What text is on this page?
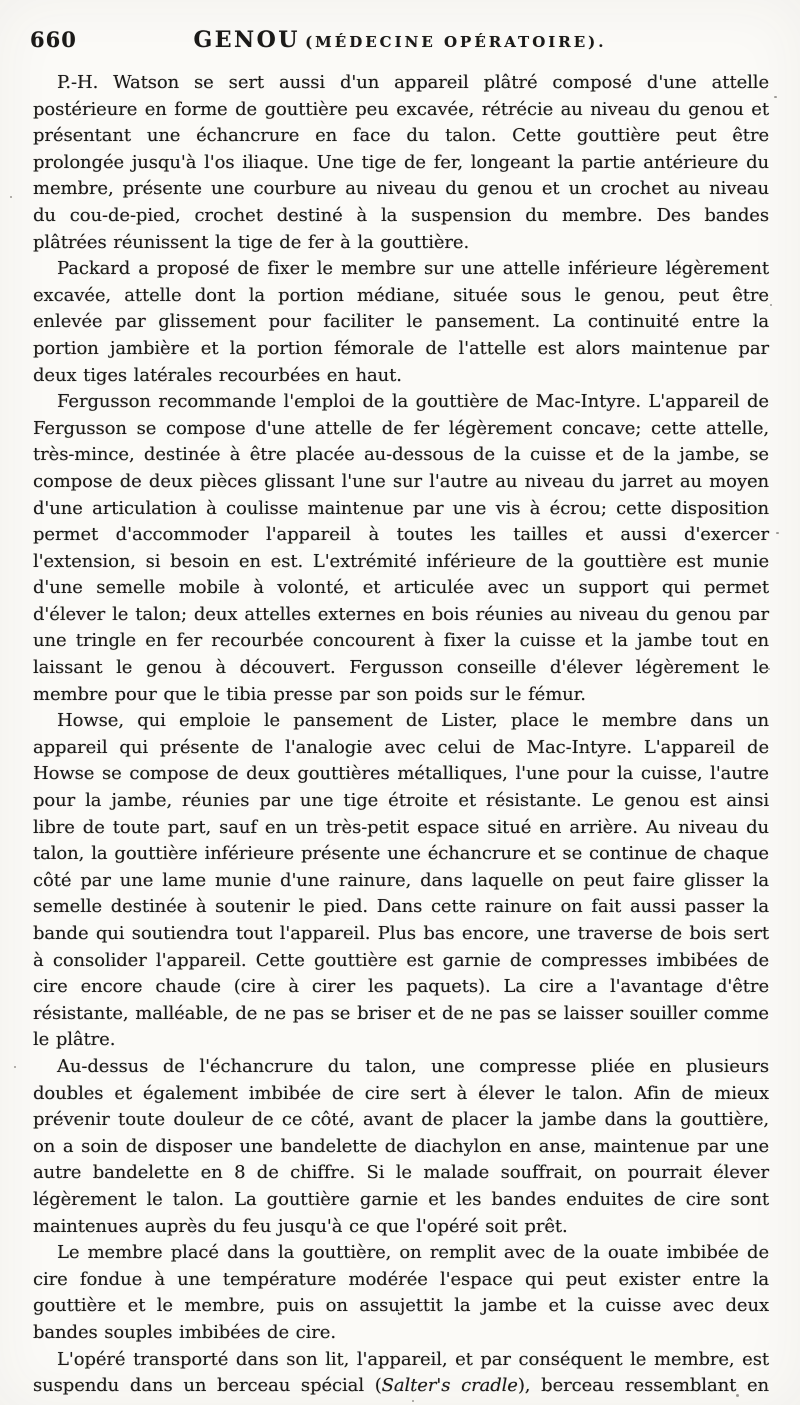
660	GENOU (MÉDECINE OPÉRATOIRE).

P.-H. Watson se sert aussi d'un appareil plâtré composé d'une attelle postérieure en forme de gouttière peu excavée, rétrécie au niveau du genou et présentant une échancrure en face du talon. Cette gouttière peut être prolongée jusqu'à l'os iliaque. Une tige de fer, longeant la partie antérieure du membre, présente une courbure au niveau du genou et un crochet au niveau du cou-de-pied, crochet destiné à la suspension du membre. Des bandes plâtrées réunissent la tige de fer à la gouttière.

Packard a proposé de fixer le membre sur une attelle inférieure légèrement excavée, attelle dont la portion médiane, située sous le genou, peut être enlevée par glissement pour faciliter le pansement. La continuité entre la portion jambière et la portion fémorale de l'attelle est alors maintenue par deux tiges latérales recourbées en haut.

Fergusson recommande l'emploi de la gouttière de Mac-Intyre. L'appareil de Fergusson se compose d'une attelle de fer légèrement concave; cette attelle, très-mince, destinée à être placée au-dessous de la cuisse et de la jambe, se compose de deux pièces glissant l'une sur l'autre au niveau du jarret au moyen d'une articulation à coulisse maintenue par une vis à écrou; cette disposition permet d'accommoder l'appareil à toutes les tailles et aussi d'exercer l'extension, si besoin en est. L'extrémité inférieure de la gouttière est munie d'une semelle mobile à volonté, et articulée avec un support qui permet d'élever le talon; deux attelles externes en bois réunies au niveau du genou par une tringle en fer recourbée concourent à fixer la cuisse et la jambe tout en laissant le genou à découvert. Fergusson conseille d'élever légèrement le membre pour que le tibia presse par son poids sur le fémur.

Howse, qui emploie le pansement de Lister, place le membre dans un appareil qui présente de l'analogie avec celui de Mac-Intyre. L'appareil de Howse se compose de deux gouttières métalliques, l'une pour la cuisse, l'autre pour la jambe, réunies par une tige étroite et résistante. Le genou est ainsi libre de toute part, sauf en un très-petit espace situé en arrière. Au niveau du talon, la gouttière inférieure présente une échancrure et se continue de chaque côté par une lame munie d'une rainure, dans laquelle on peut faire glisser la semelle destinée à soutenir le pied. Dans cette rainure on fait aussi passer la bande qui soutiendra tout l'appareil. Plus bas encore, une traverse de bois sert à consolider l'appareil. Cette gouttière est garnie de compresses imbibées de cire encore chaude (cire à cirer les paquets). La cire a l'avantage d'être résistante, malléable, de ne pas se briser et de ne pas se laisser souiller comme le plâtre.

Au-dessus de l'échancrure du talon, une compresse pliée en plusieurs doubles et également imbibée de cire sert à élever le talon. Afin de mieux prévenir toute douleur de ce côté, avant de placer la jambe dans la gouttière, on a soin de disposer une bandelette de diachylon en anse, maintenue par une autre bandelette en 8 de chiffre. Si le malade souffrait, on pourrait élever légèrement le talon. La gouttière garnie et les bandes enduites de cire sont maintenues auprès du feu jusqu'à ce que l'opéré soit prêt.

Le membre placé dans la gouttière, on remplit avec de la ouate imbibée de cire fondue à une température modérée l'espace qui peut exister entre la gouttière et le membre, puis on assujettit la jambe et la cuisse avec deux bandes souples imbibées de cire.

L'opéré transporté dans son lit, l'appareil, et par conséquent le membre, est suspendu dans un berceau spécial (Salter's cradle), berceau ressemblant en
